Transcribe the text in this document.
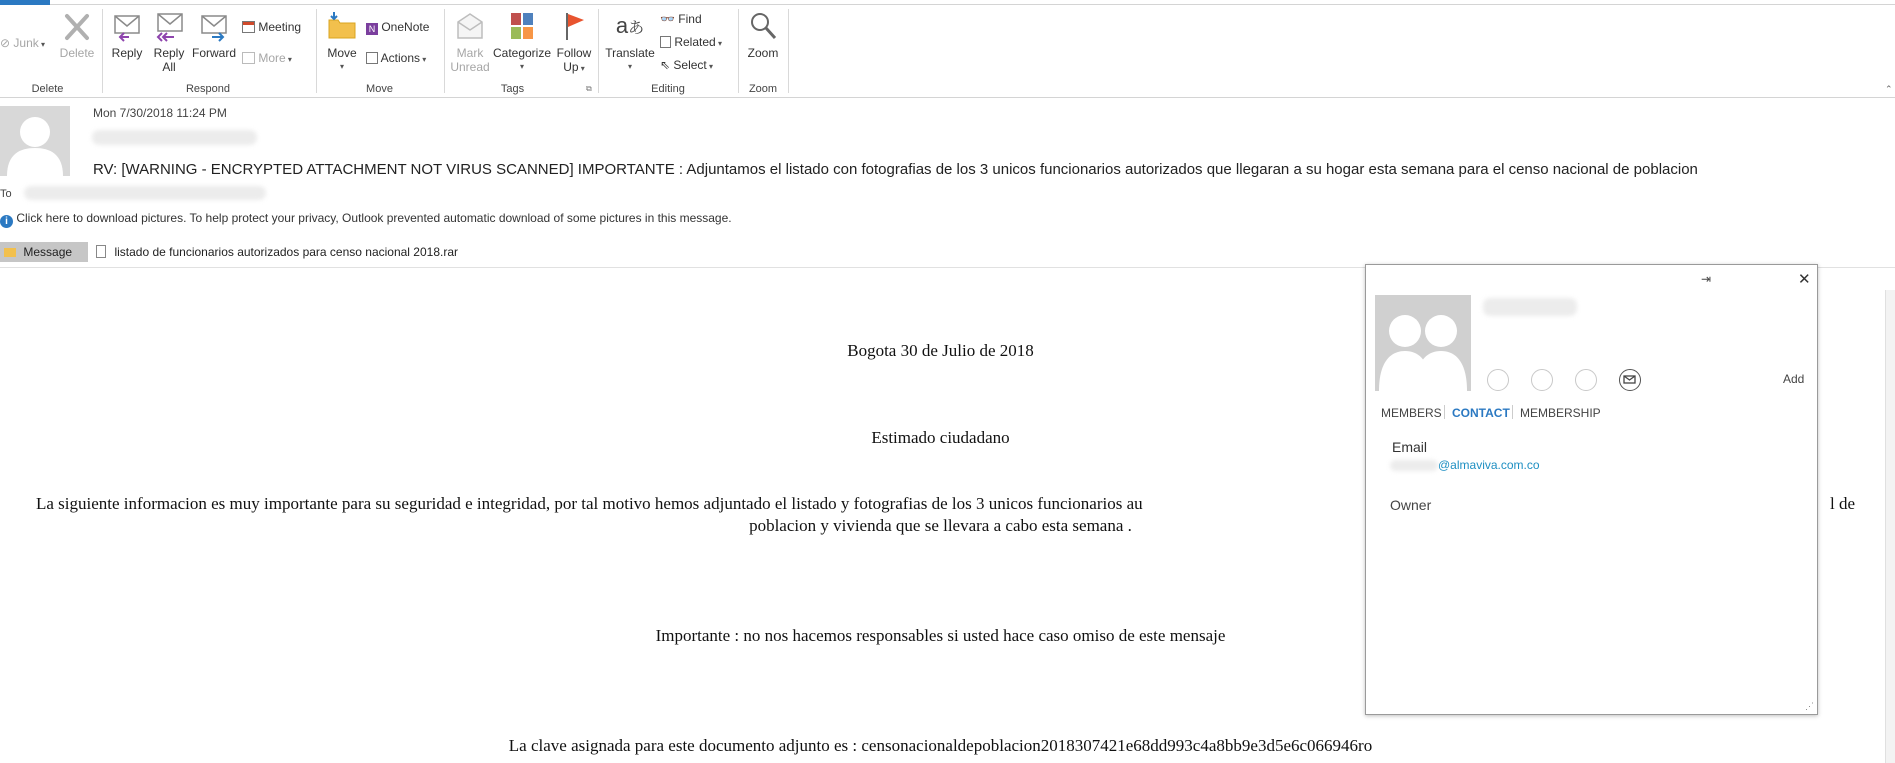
⊘ Junk ▾
Delete
Delete
Reply Reply
All
Forward
Meeting
More ▾
Respond
Move
▾
N OneNote
Actions ▾
Move
Mark
Unread
Categorize
▾
Follow
Up ▾
⧉
Tags
aあ
Translate
▾
👓 Find
Related ▾
⇖ Select ▾
Editing
Zoom
Zoom	⌃
Mon 7/30/2018 11:24 PM
RV: [WARNING - ENCRYPTED ATTACHMENT NOT VIRUS SCANNED] IMPORTANTE : Adjuntamos el listado con fotografias de los 3 unicos funcionarios autorizados que llegaran a su hogar esta semana para el censo nacional de poblacion
To
i Click here to download pictures. To help protect your privacy, Outlook prevented automatic download of some pictures in this message.
Message	listado de funcionarios autorizados para censo nacional 2018.rar
Bogota 30 de Julio de 2018
Estimado ciudadano
La siguiente informacion es muy importante para su seguridad e integridad, por tal motivo hemos adjuntado el listado y fotografias de los 3 unicos funcionarios au	l de
poblacion y vivienda que se llevara a cabo esta semana .
Importante : no nos hacemos responsables si usted hace caso omiso de este mensaje
La clave asignada para este documento adjunto es : censonacionaldepoblacion2018307421e68dd993c4a8bb9e3d5e6c066946ro
⇥	✕
Add
MEMBERS CONTACT MEMBERSHIP
Email
@almaviva.com.co
Owner
⋰
